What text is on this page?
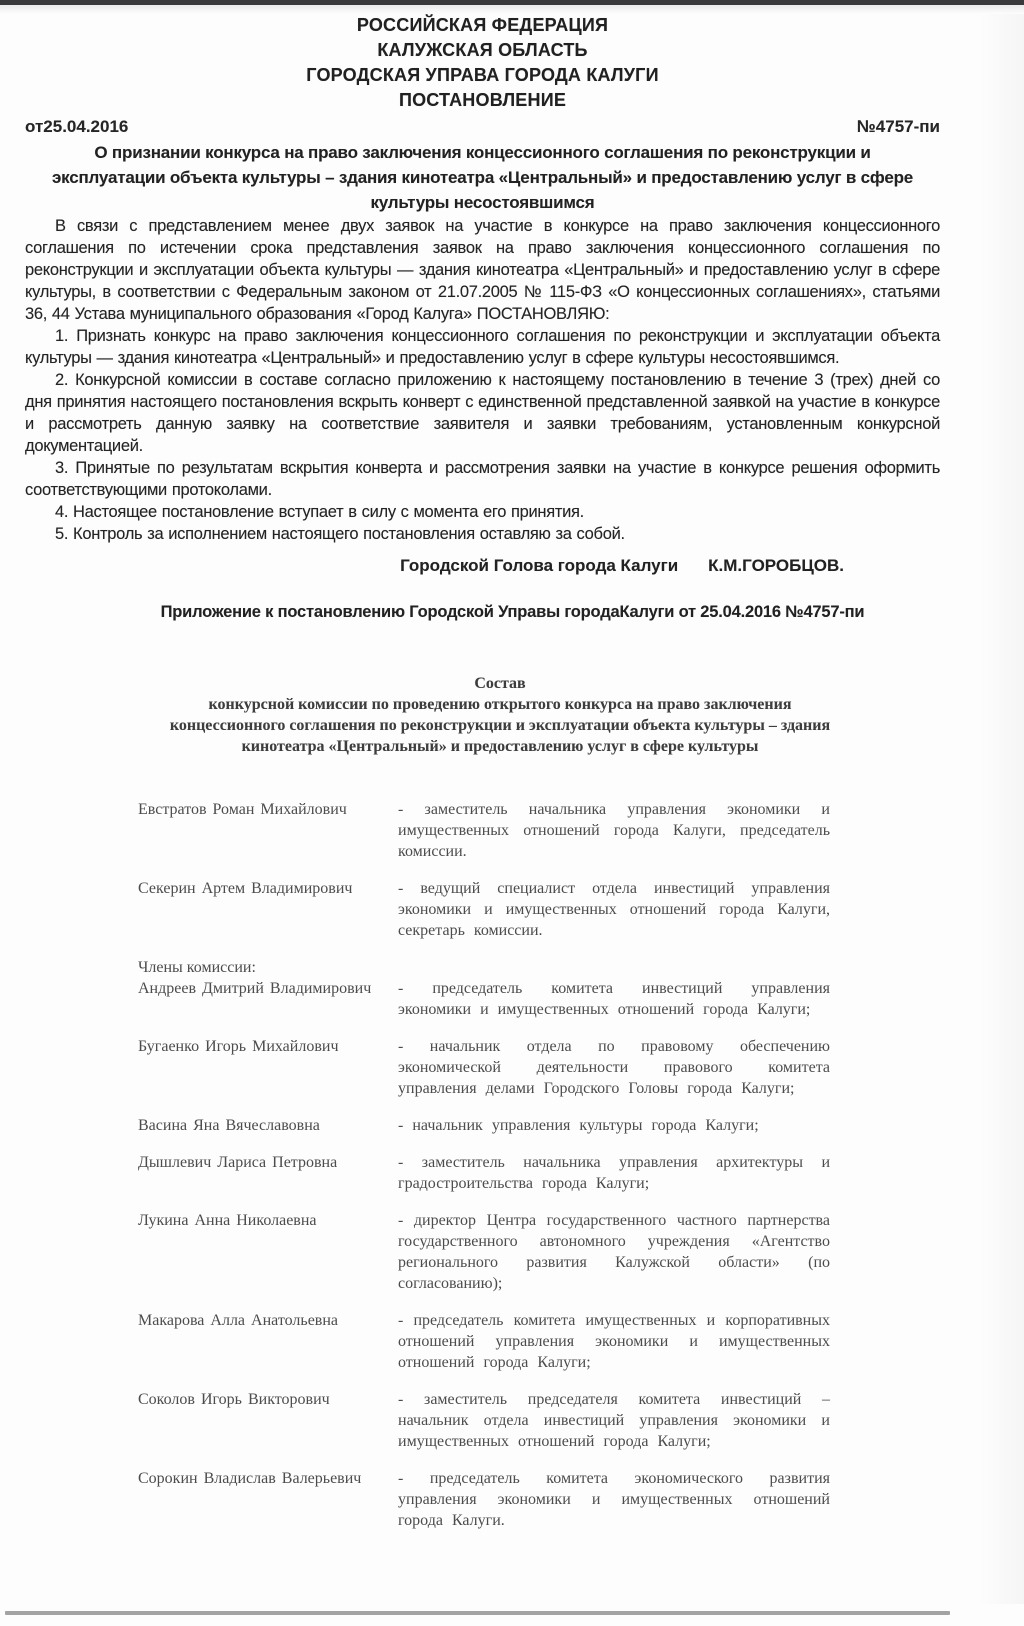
РОССИЙСКАЯ ФЕДЕРАЦИЯ
КАЛУЖСКАЯ ОБЛАСТЬ
ГОРОДСКАЯ УПРАВА ГОРОДА КАЛУГИ
ПОСТАНОВЛЕНИЕ
от25.04.2016	№4757-пи
О признании конкурса на право заключения концессионного соглашения по реконструкции и эксплуатации объекта культуры – здания кинотеатра «Центральный» и предоставлению услуг в сфере культуры несостоявшимся
В связи с представлением менее двух заявок на участие в конкурсе на право заключения концессионного соглашения по истечении срока представления заявок на право заключения концессионного соглашения по реконструкции и эксплуатации объекта культуры — здания кинотеатра «Центральный» и предоставлению услуг в сфере культуры, в соответствии с Федеральным законом от 21.07.2005 № 115-ФЗ «О концессионных соглашениях», статьями 36, 44 Устава муниципального образования «Город Калуга» ПОСТАНОВЛЯЮ:
1. Признать конкурс на право заключения концессионного соглашения по реконструкции и эксплуатации объекта культуры — здания кинотеатра «Центральный» и предоставлению услуг в сфере культуры несостоявшимся.
2. Конкурсной комиссии в составе согласно приложению к настоящему постановлению в течение 3 (трех) дней со дня принятия настоящего постановления вскрыть конверт с единственной представленной заявкой на участие в конкурсе и рассмотреть данную заявку на соответствие заявителя и заявки требованиям, установленным конкурсной документацией.
3. Принятые по результатам вскрытия конверта и рассмотрения заявки на участие в конкурсе решения оформить соответствующими протоколами.
4. Настоящее постановление вступает в силу с момента его принятия.
5. Контроль за исполнением настоящего постановления оставляю за собой.
Городской Голова города Калуги К.М.ГОРОБЦОВ.
Приложение к постановлению Городской Управы городаКалуги от 25.04.2016 №4757-пи
Состав
конкурсной комиссии по проведению открытого конкурса на право заключения концессионного соглашения по реконструкции и эксплуатации объекта культуры – здания кинотеатра «Центральный» и предоставлению услуг в сфере культуры
Евстратов Роман Михайлович	- заместитель начальника управления экономики и имущественных отношений города Калуги, председатель комиссии.
Секерин Артем Владимирович	- ведущий специалист отдела инвестиций управления экономики и имущественных отношений города Калуги, секретарь комиссии.
Члены комиссии:
Андреев Дмитрий Владимирович	- председатель комитета инвестиций управления экономики и имущественных отношений города Калуги;
Бугаенко Игорь Михайлович	- начальник отдела по правовому обеспечению экономической деятельности правового комитета управления делами Городского Головы города Калуги;
Васина Яна Вячеславовна	- начальник управления культуры города Калуги;
Дышлевич Лариса Петровна	- заместитель начальника управления архитектуры и градостроительства города Калуги;
Лукина Анна Николаевна	- директор Центра государственного частного партнерства государственного автономного учреждения «Агентство регионального развития Калужской области» (по согласованию);
Макарова Алла Анатольевна	- председатель комитета имущественных и корпоративных отношений управления экономики и имущественных отношений города Калуги;
Соколов Игорь Викторович	- заместитель председателя комитета инвестиций – начальник отдела инвестиций управления экономики и имущественных отношений города Калуги;
Сорокин Владислав Валерьевич	- председатель комитета экономического развития управления экономики и имущественных отношений города Калуги.
